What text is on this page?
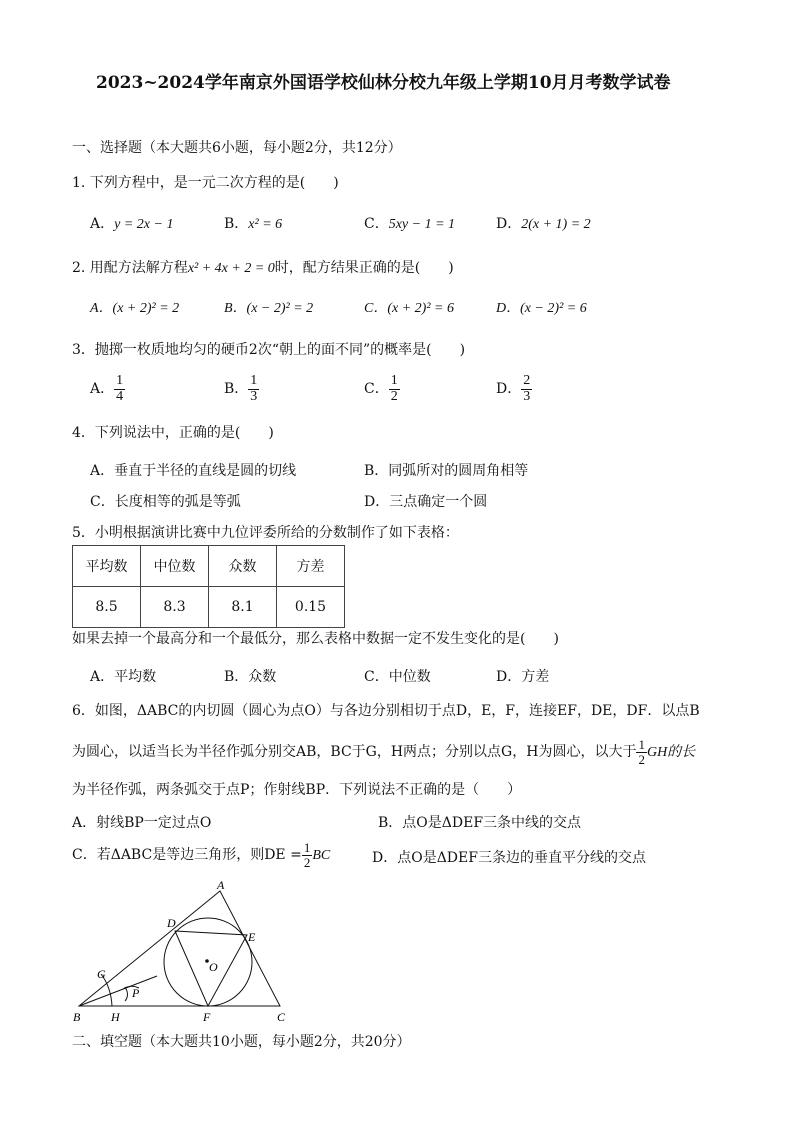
2023~2024学年南京外国语学校仙林分校九年级上学期10月月考数学试卷
一、选择题（本大题共6小题，每小题2分，共12分）
1. 下列方程中，是一元二次方程的是(　　)
A．y = 2x − 1	B．x² = 6	C．5xy − 1 = 1	D．2(x + 1) = 2
2. 用配方法解方程x² + 4x + 2 = 0时，配方结果正确的是(　　)
A．(x + 2)² = 2	B．(x − 2)² = 2	C．(x + 2)² = 6	D．(x − 2)² = 6
3．抛掷一枚质地均匀的硬币2次“朝上的面不同”的概率是(　　)
A． $\frac{1}{4}$	B． $\frac{1}{3}$	C． $\frac{1}{2}$	D． $\frac{2}{3}$
4．下列说法中，正确的是(　　)
A．垂直于半径的直线是圆的切线	B．同弧所对的圆周角相等
C．长度相等的弧是等弧	D．三点确定一个圆
5．小明根据演讲比赛中九位评委所给的分数制作了如下表格：
平均数	中位数	众数	方差
8.5	8.3	8.1	0.15
如果去掉一个最高分和一个最低分，那么表格中数据一定不发生变化的是(　　)
A．平均数	B．众数	C．中位数	D．方差
6．如图，ΔABC的内切圆（圆心为点O）与各边分别相切于点D，E，F，连接EF，DE，DF．以点B
为圆心，以适当长为半径作弧分别交AB，BC于G，H两点；分别以点G，H为圆心，以大于 $\frac{1}{2}$ GH的长
为半径作弧，两条弧交于点P；作射线BP．下列说法不正确的是（　　）
A．射线BP一定过点O	B．点O是ΔDEF三条中线的交点
C．若ΔABC是等边三角形，则DE = $\frac{1}{2}$ BC	D．点O是ΔDEF三条边的垂直平分线的交点
A
B	C
D
E
F
G
H
O
P
二、填空题（本大题共10小题，每小题2分，共20分）
